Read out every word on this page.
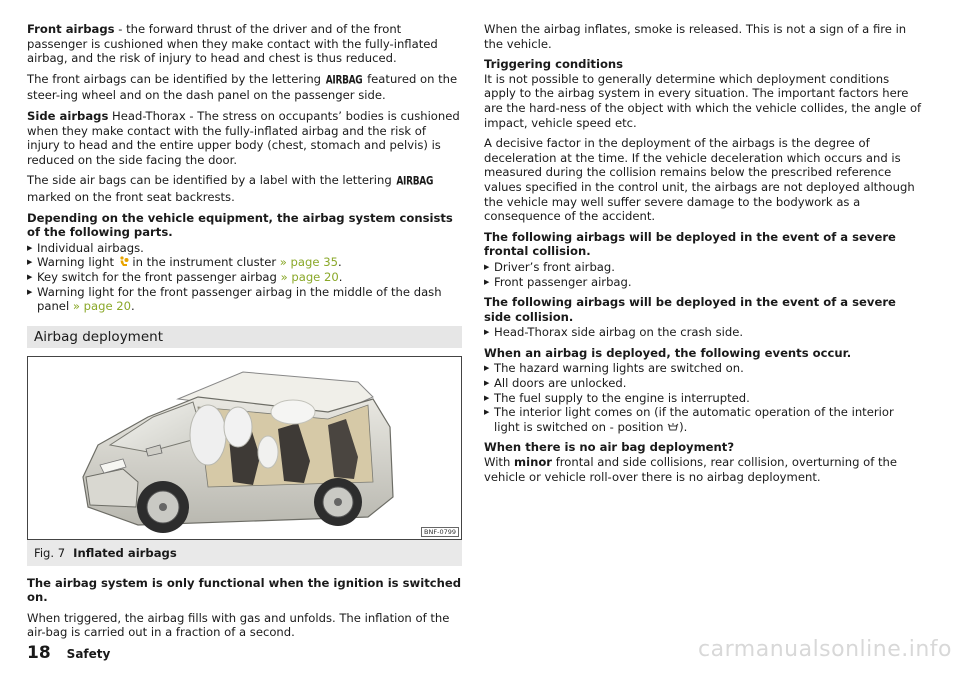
Front airbags - the forward thrust of the driver and of the front passenger is cushioned when they make contact with the fully-inflated airbag, and the risk of injury to head and chest is thus reduced.

The front airbags can be identified by the lettering AIRBAG featured on the steer-ing wheel and on the dash panel on the passenger side.

Side airbags Head-Thorax - The stress on occupants’ bodies is cushioned when they make contact with the fully-inflated airbag and the risk of injury to head and the entire upper body (chest, stomach and pelvis) is reduced on the side facing the door.

The side air bags can be identified by a label with the lettering AIRBAG marked on the front seat backrests.

Depending on the vehicle equipment, the airbag system consists of the following parts.

▶ Individual airbags.
▶ Warning light  in the instrument cluster » page 35.
▶ Key switch for the front passenger airbag » page 20.
▶ Warning light for the front passenger airbag in the middle of the dash panel » page 20.
Airbag deployment
BNF-0799
Fig. 7 Inflated airbags

The airbag system is only functional when the ignition is switched on.

When triggered, the airbag fills with gas and unfolds. The inflation of the air-bag is carried out in a fraction of a second.

When the airbag inflates, smoke is released. This is not a sign of a fire in the vehicle.

Triggering conditions

It is not possible to generally determine which deployment conditions apply to the airbag system in every situation. The important factors here are the hard-ness of the object with which the vehicle collides, the angle of impact, vehicle speed etc.

A decisive factor in the deployment of the airbags is the degree of deceleration at the time. If the vehicle deceleration which occurs and is measured during the collision remains below the prescribed reference values specified in the control unit, the airbags are not deployed although the vehicle may well suffer severe damage to the bodywork as a consequence of the accident.

The following airbags will be deployed in the event of a severe frontal collision.

▶ Driver’s front airbag.
▶ Front passenger airbag.

The following airbags will be deployed in the event of a severe side collision.

▶ Head-Thorax side airbag on the crash side.

When an airbag is deployed, the following events occur.

▶ The hazard warning lights are switched on.
▶ All doors are unlocked.
▶ The fuel supply to the engine is interrupted.
▶ The interior light comes on (if the automatic operation of the interior light is switched on - position ).

When there is no air bag deployment?

With minor frontal and side collisions, rear collision, overturning of the vehicle or vehicle roll-over there is no airbag deployment.

18 Safety	carmanualsonline.info
